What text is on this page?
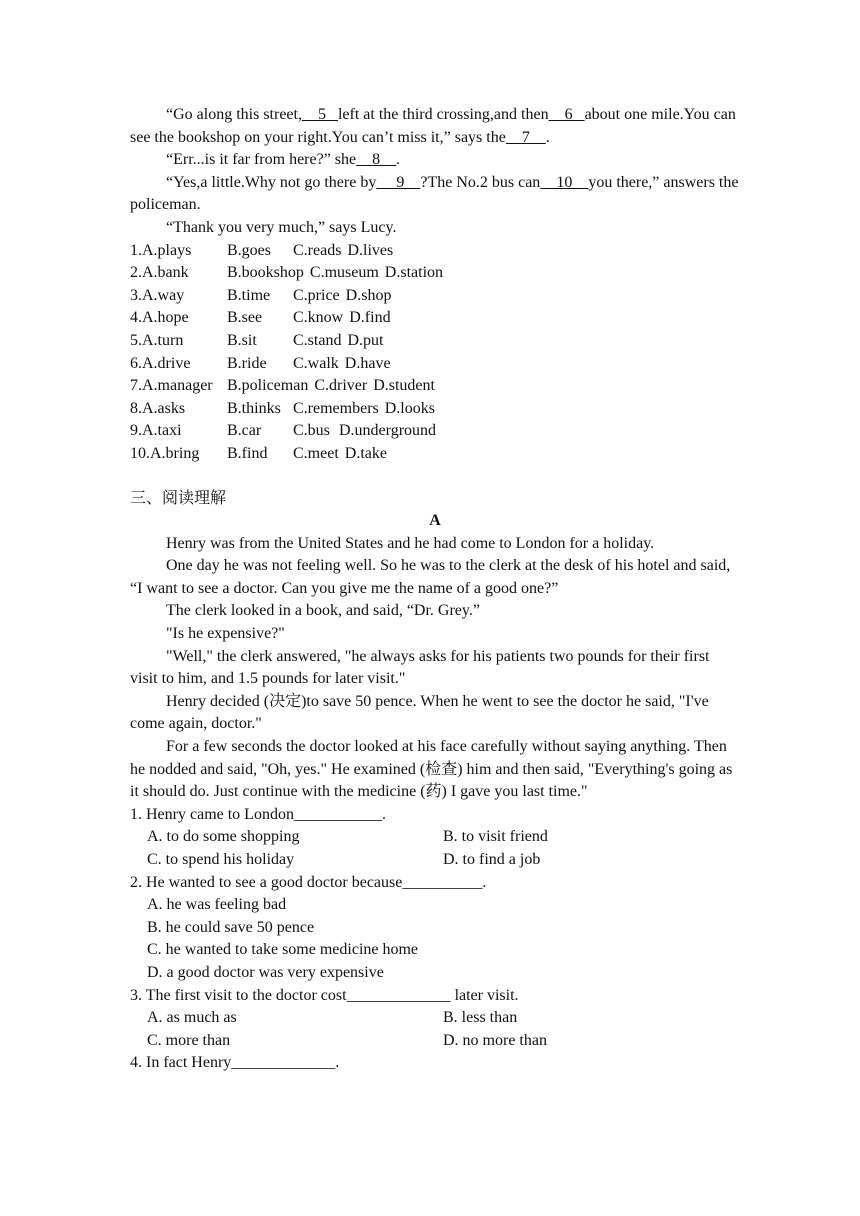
“Go along this street,    5   left at the third crossing,and then    6   about one mile.You can see the bookshop on your right.You can’t miss it,” says the    7    .

“Err...is it far from here?” she    8    .

“Yes,a little.Why not go there by     9    ?The No.2 bus can    10    you there,” answers the policeman.

“Thank you very much,” says Lucy.

1.A.plays B.goes C.reads D.lives

2.A.bank B.bookshop C.museum D.station

3.A.way	B.time C.price D.shop

4.A.hope B.see C.know D.find

5.A.turn	B.sit C.stand D.put

6.A.drive B.ride C.walk D.have

7.A.manager B.policeman C.driver D.student

8.A.asks	B.thinks C.remembers D.looks

9.A.taxi	B.car C.bus D.underground

10.A.bring B.find C.meet D.take

三、阅读理解

A

Henry was from the United States and he had come to London for a holiday.

One day he was not feeling well. So he was to the clerk at the desk of his hotel and said, “I want to see a doctor. Can you give me the name of a good one?”

The clerk looked in a book, and said, “Dr. Grey.”

"Is he expensive?"

"Well," the clerk answered, "he always asks for his patients two pounds for their first visit to him, and 1.5 pounds for later visit."

Henry decided (决定)to save 50 pence. When he went to see the doctor he said, "I've come again, doctor."

For a few seconds the doctor looked at his face carefully without saying anything. Then he nodded and said, "Oh, yes." He examined (检查) him and then said, "Everything's going as it should do. Just continue with the medicine (药) I gave you last time."

1. Henry came to London___________.

A. to do some shopping	B. to visit friend
C. to spend his holiday	D. to find a job

2. He wanted to see a good doctor because__________.

A. he was feeling bad

B. he could save 50 pence

C. he wanted to take some medicine home

D. a good doctor was very expensive

3. The first visit to the doctor cost_____________ later visit.

A. as much as	B. less than
C. more than	D. no more than

4. In fact Henry_____________.
